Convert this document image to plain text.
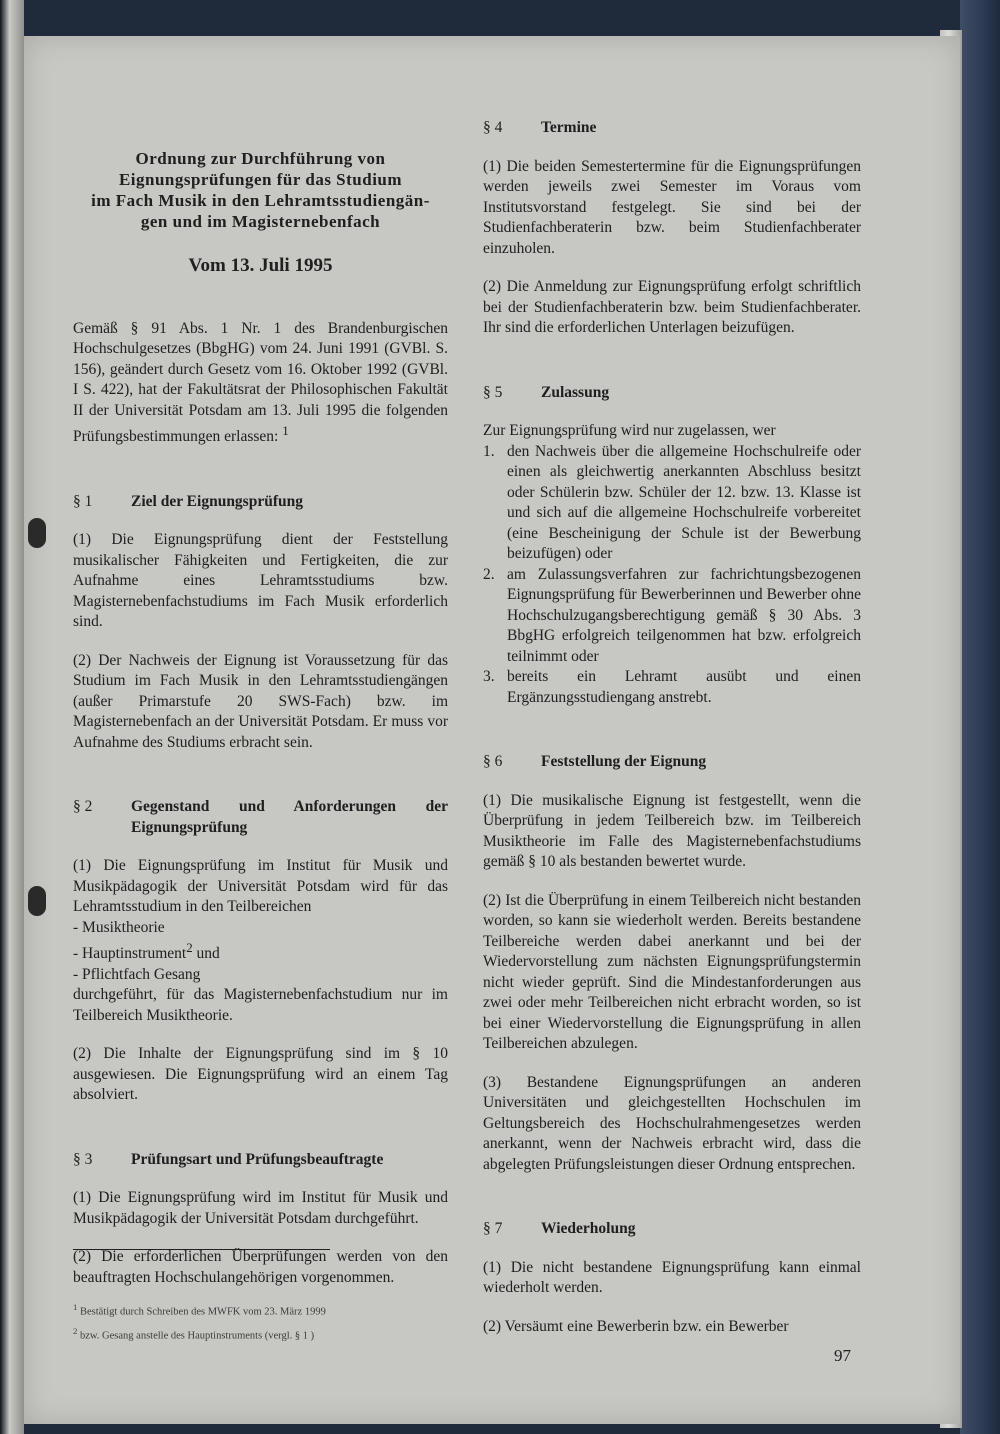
Ordnung zur Durchführung von
Eignungsprüfungen für das Studium
im Fach Musik in den Lehramtsstudiengän-
gen und im Magisternebenfach
Vom 13. Juli 1995

Gemäß § 91 Abs. 1 Nr. 1 des Brandenburgischen Hochschulgesetzes (BbgHG) vom 24. Juni 1991 (GVBl. S. 156), geändert durch Gesetz vom 16. Oktober 1992 (GVBl. I S. 422), hat der Fakultätsrat der Philosophischen Fakultät II der Universität Potsdam am 13. Juli 1995 die folgenden Prüfungsbestimmungen erlassen: $^1$

§ 1	Ziel der Eignungsprüfung

(1) Die Eignungsprüfung dient der Feststellung musikalischer Fähigkeiten und Fertigkeiten, die zur Aufnahme eines Lehramtsstudiums bzw. Magisternebenfachstudiums im Fach Musik erforderlich sind.

(2) Der Nachweis der Eignung ist Voraussetzung für das Studium im Fach Musik in den Lehramtsstudiengängen (außer Primarstufe 20 SWS-Fach) bzw. im Magisternebenfach an der Universität Potsdam. Er muss vor Aufnahme des Studiums erbracht sein.

§ 2	Gegenstand und Anforderungen der Eignungsprüfung

(1) Die Eignungsprüfung im Institut für Musik und Musikpädagogik der Universität Potsdam wird für das Lehramtsstudium in den Teilbereichen

- Musiktheorie
- Hauptinstrument$^2$ und
- Pflichtfach Gesang

durchgeführt, für das Magisternebenfachstudium nur im Teilbereich Musiktheorie.

(2) Die Inhalte der Eignungsprüfung sind im § 10 ausgewiesen. Die Eignungsprüfung wird an einem Tag absolviert.

§ 3	Prüfungsart und Prüfungsbeauftragte

(1) Die Eignungsprüfung wird im Institut für Musik und Musikpädagogik der Universität Potsdam durchgeführt.

(2) Die erforderlichen Überprüfungen werden von den beauftragten Hochschulangehörigen vorgenommen.

$^1$ Bestätigt durch Schreiben des MWFK vom 23. März 1999
$^2$ bzw. Gesang anstelle des Hauptinstruments (vergl. § 1 )
§ 4	Termine

(1) Die beiden Semestertermine für die Eignungsprüfungen werden jeweils zwei Semester im Voraus vom Institutsvorstand festgelegt. Sie sind bei der Studienfachberaterin bzw. beim Studienfachberater einzuholen.

(2) Die Anmeldung zur Eignungsprüfung erfolgt schriftlich bei der Studienfachberaterin bzw. beim Studienfachberater. Ihr sind die erforderlichen Unterlagen beizufügen.

§ 5	Zulassung

Zur Eignungsprüfung wird nur zugelassen, wer

1. den Nachweis über die allgemeine Hochschulreife oder einen als gleichwertig anerkannten Abschluss besitzt oder Schülerin bzw. Schüler der 12. bzw. 13. Klasse ist und sich auf die allgemeine Hochschulreife vorbereitet (eine Bescheinigung der Schule ist der Bewerbung beizufügen) oder
2. am Zulassungsverfahren zur fachrichtungsbezogenen Eignungsprüfung für Bewerberinnen und Bewerber ohne Hochschulzugangsberechtigung gemäß § 30 Abs. 3 BbgHG erfolgreich teilgenommen hat bzw. erfolgreich teilnimmt oder
3. bereits ein Lehramt ausübt und einen Ergänzungsstudiengang anstrebt.
§ 6	Feststellung der Eignung

(1) Die musikalische Eignung ist festgestellt, wenn die Überprüfung in jedem Teilbereich bzw. im Teilbereich Musiktheorie im Falle des Magisternebenfachstudiums gemäß § 10 als bestanden bewertet wurde.

(2) Ist die Überprüfung in einem Teilbereich nicht bestanden worden, so kann sie wiederholt werden. Bereits bestandene Teilbereiche werden dabei anerkannt und bei der Wiedervorstellung zum nächsten Eignungsprüfungstermin nicht wieder geprüft. Sind die Mindestanforderungen aus zwei oder mehr Teilbereichen nicht erbracht worden, so ist bei einer Wiedervorstellung die Eignungsprüfung in allen Teilbereichen abzulegen.

(3) Bestandene Eignungsprüfungen an anderen Universitäten und gleichgestellten Hochschulen im Geltungsbereich des Hochschulrahmengesetzes werden anerkannt, wenn der Nachweis erbracht wird, dass die abgelegten Prüfungsleistungen dieser Ordnung entsprechen.

§ 7	Wiederholung

(1) Die nicht bestandene Eignungsprüfung kann einmal wiederholt werden.

(2) Versäumt eine Bewerberin bzw. ein Bewerber

97
